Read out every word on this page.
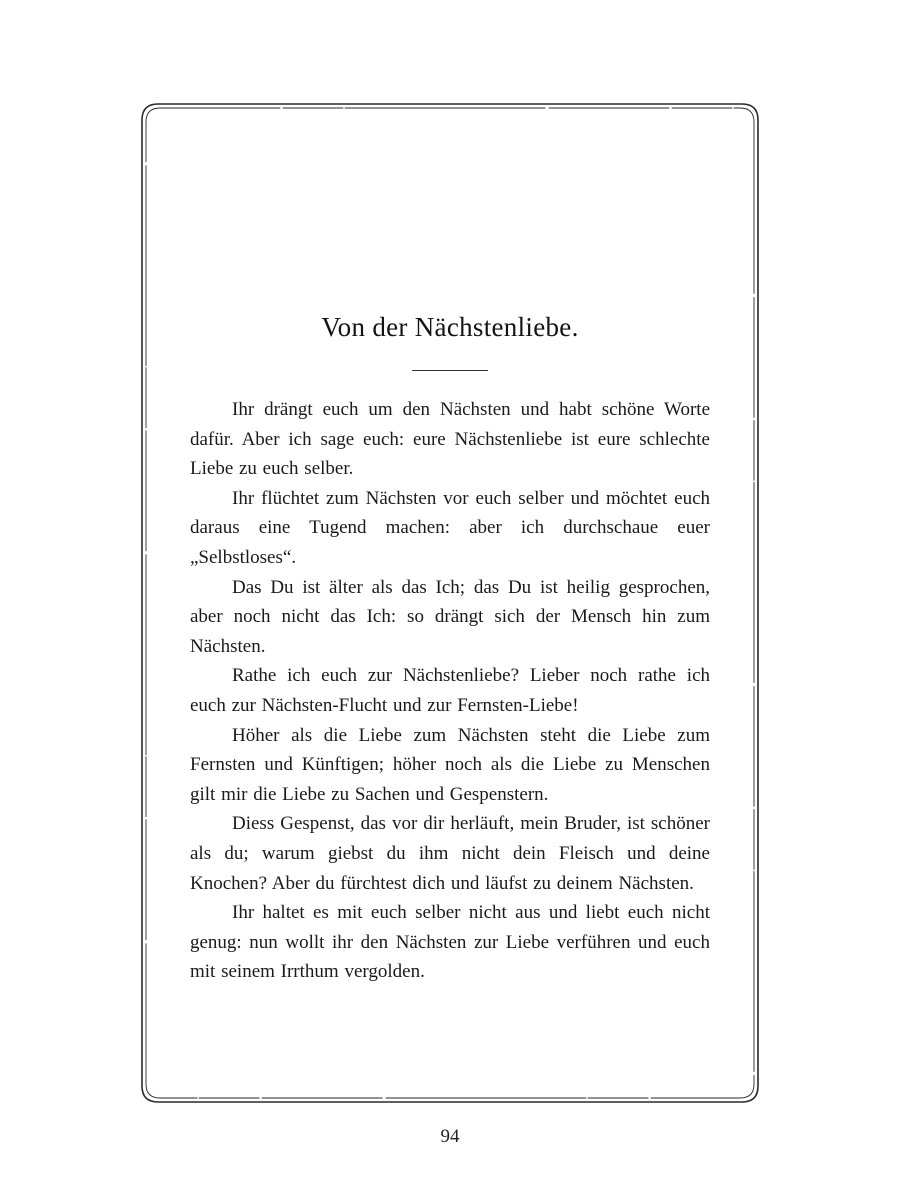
Von der Nächstenliebe.

Ihr drängt euch um den Nächsten und habt schöne Worte dafür. Aber ich sage euch: eure Nächstenliebe ist eure schlechte Liebe zu euch selber.

Ihr flüchtet zum Nächsten vor euch selber und möchtet euch daraus eine Tugend machen: aber ich durchschaue euer „Selbstloses“.

Das Du ist älter als das Ich; das Du ist heilig gesprochen, aber noch nicht das Ich: so drängt sich der Mensch hin zum Nächsten.

Rathe ich euch zur Nächstenliebe? Lieber noch rathe ich euch zur Nächsten-Flucht und zur Fernsten-Liebe!

Höher als die Liebe zum Nächsten steht die Liebe zum Fernsten und Künftigen; höher noch als die Liebe zu Menschen gilt mir die Liebe zu Sachen und Gespenstern.

Diess Gespenst, das vor dir herläuft, mein Bruder, ist schöner als du; warum giebst du ihm nicht dein Fleisch und deine Knochen? Aber du fürchtest dich und läufst zu deinem Nächsten.

Ihr haltet es mit euch selber nicht aus und liebt euch nicht genug: nun wollt ihr den Nächsten zur Liebe verführen und euch mit seinem Irrthum vergolden.

94
